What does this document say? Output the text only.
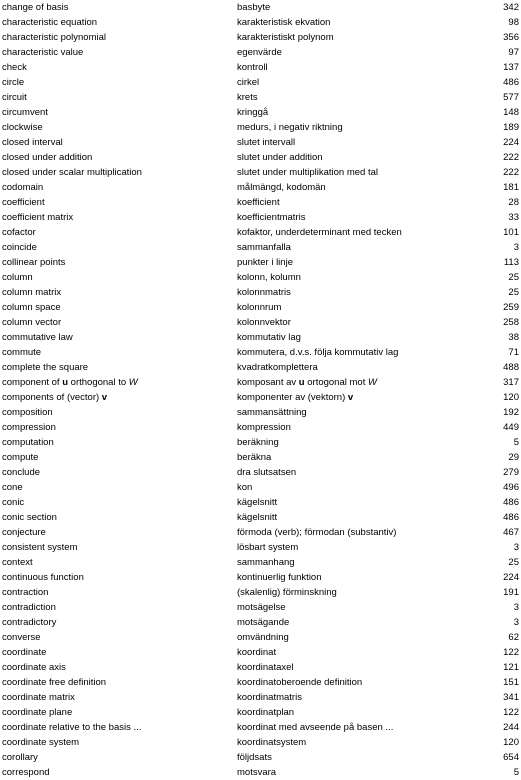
change of basis	basbyte	342
characteristic equation	karakteristisk ekvation	98
characteristic polynomial	karakteristiskt polynom	356
characteristic value	egenvärde	97
check	kontroll	137
circle	cirkel	486
circuit	krets	577
circumvent	kringgå	148
clockwise	medurs, i negativ riktning	189
closed interval	slutet intervall	224
closed under addition	slutet under addition	222
closed under scalar multiplication	slutet under multiplikation med tal	222
codomain	målmängd, kodomän	181
coefficient	koefficient	28
coefficient matrix	koefficientmatris	33
cofactor	kofaktor, underdeterminant med tecken	101
coincide	sammanfalla	3
collinear points	punkter i linje	113
column	kolonn, kolumn	25
column matrix	kolonnmatris	25
column space	kolonnrum	259
column vector	kolonnvektor	258
commutative law	kommutativ lag	38
commute	kommutera, d.v.s. följa kommutativ lag	71
complete the square	kvadratkomplettera	488
component of u orthogonal to W	komposant av u ortogonal mot W	317
components of (vector) v	komponenter av (vektorn) v	120
composition	sammansättning	192
compression	kompression	449
computation	beräkning	5
compute	beräkna	29
conclude	dra slutsatsen	279
cone	kon	496
conic	kägelsnitt	486
conic section	kägelsnitt	486
conjecture	förmoda (verb); förmodan (substantiv)	467
consistent system	lösbart system	3
context	sammanhang	25
continuous function	kontinuerlig funktion	224
contraction	(skalenlig) förminskning	191
contradiction	motsägelse	3
contradictory	motsägande	3
converse	omvändning	62
coordinate	koordinat	122
coordinate axis	koordinataxel	121
coordinate free definition	koordinatoberoende definition	151
coordinate matrix	koordinatmatris	341
coordinate plane	koordinatplan	122
coordinate relative to the basis ...	koordinat med avseende på basen ...	244
coordinate system	koordinatsystem	120
corollary	följdsats	654
correspond	motsvara	5
